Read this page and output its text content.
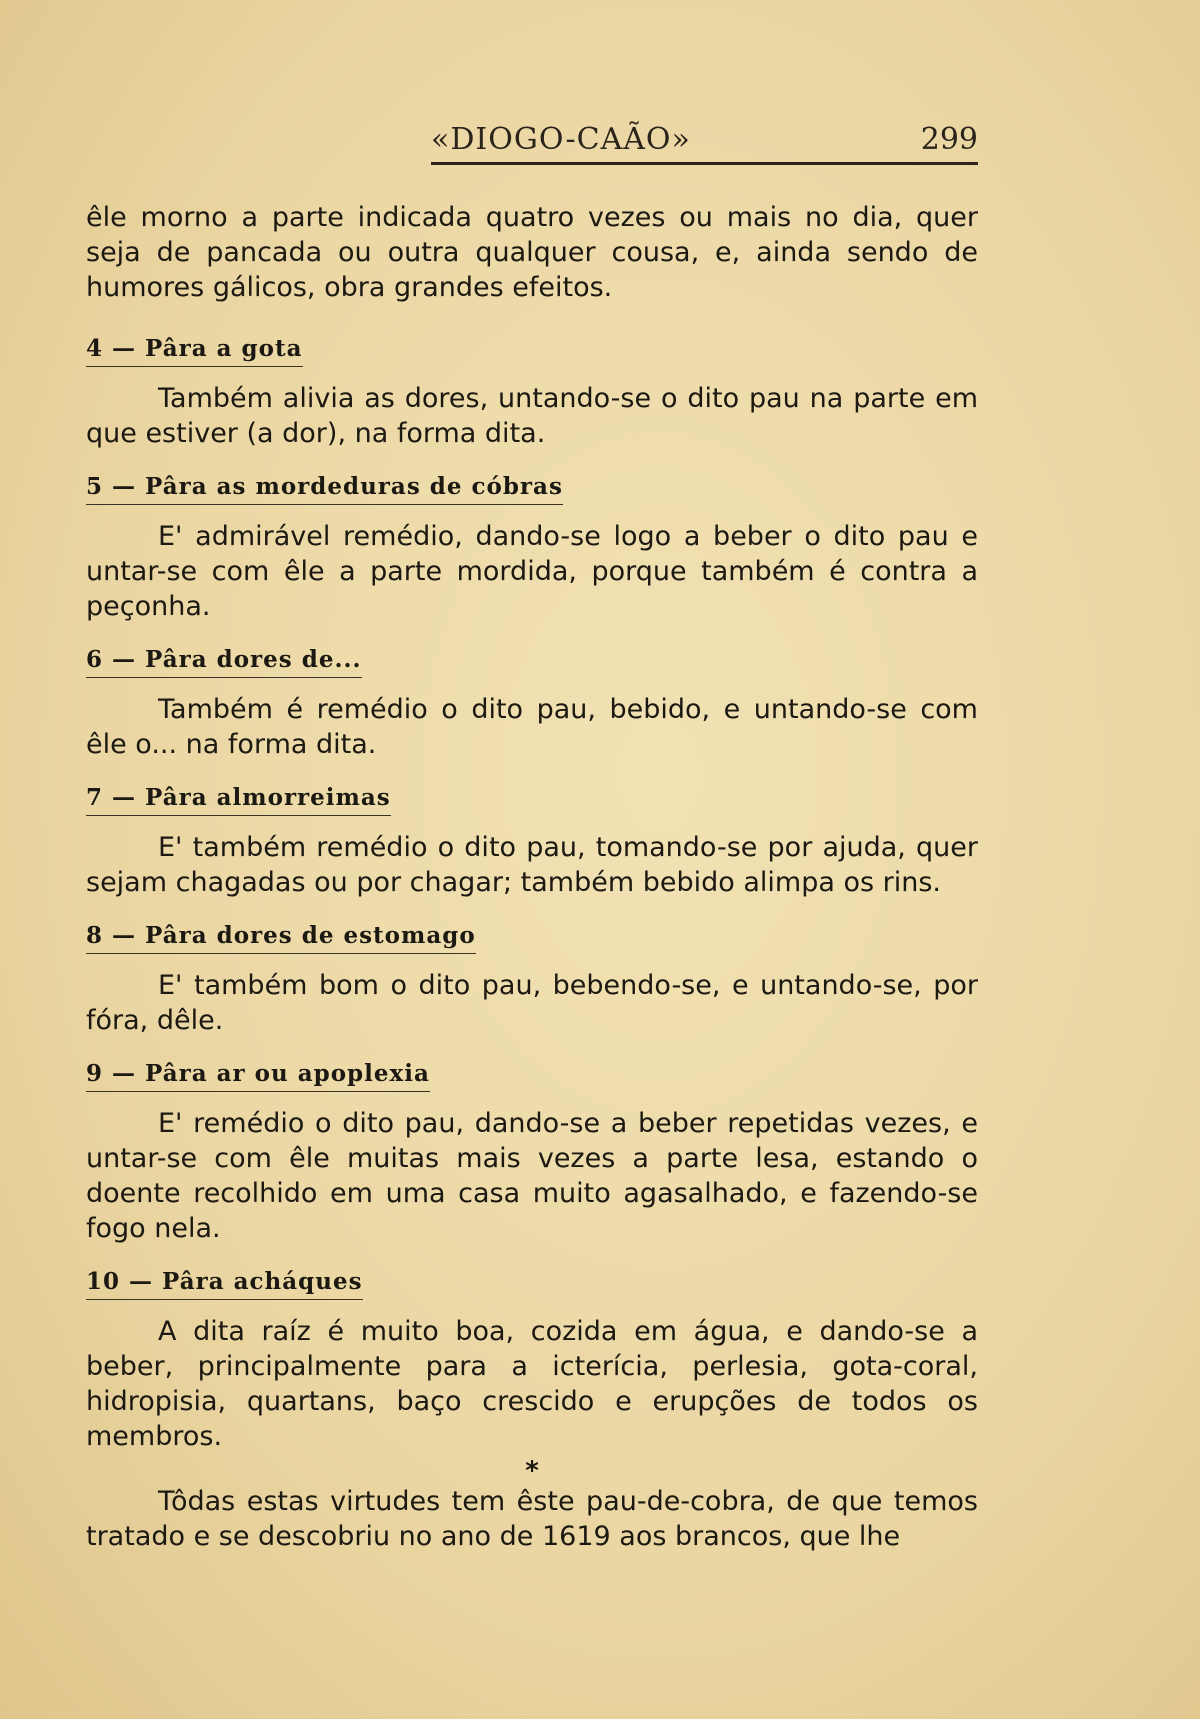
«DIOGO-CAÃO»	299

êle morno a parte indicada quatro vezes ou mais no dia, quer seja de pancada ou outra qualquer cousa, e, ainda sendo de humores gálicos, obra grandes efeitos.

4 — Pâra a gota

Também alivia as dores, untando-se o dito pau na parte em que estiver (a dor), na forma dita.

5 — Pâra as mordeduras de cóbras

E' admirável remédio, dando-se logo a beber o dito pau e untar-se com êle a parte mordida, porque também é contra a peçonha.

6 — Pâra dores de...

Também é remédio o dito pau, bebido, e untando-se com êle o... na forma dita.

7 — Pâra almorreimas

E' também remédio o dito pau, tomando-se por ajuda, quer sejam chagadas ou por chagar; também bebido alimpa os rins.

8 — Pâra dores de estomago

E' também bom o dito pau, bebendo-se, e untando-se, por fóra, dêle.

9 — Pâra ar ou apoplexia

E' remédio o dito pau, dando-se a beber repetidas vezes, e untar-se com êle muitas mais vezes a parte lesa, estando o doente recolhido em uma casa muito agasalhado, e fazendo-se fogo nela.

10 — Pâra acháques

A dita raíz é muito boa, cozida em água, e dando-se a beber, principalmente para a icterícia, perlesia, gota-coral, hidropisia, quartans, baço crescido e erupções de todos os membros.

*

Tôdas estas virtudes tem êste pau-de-cobra, de que temos tratado e se descobriu no ano de 1619 aos brancos, que lhe
